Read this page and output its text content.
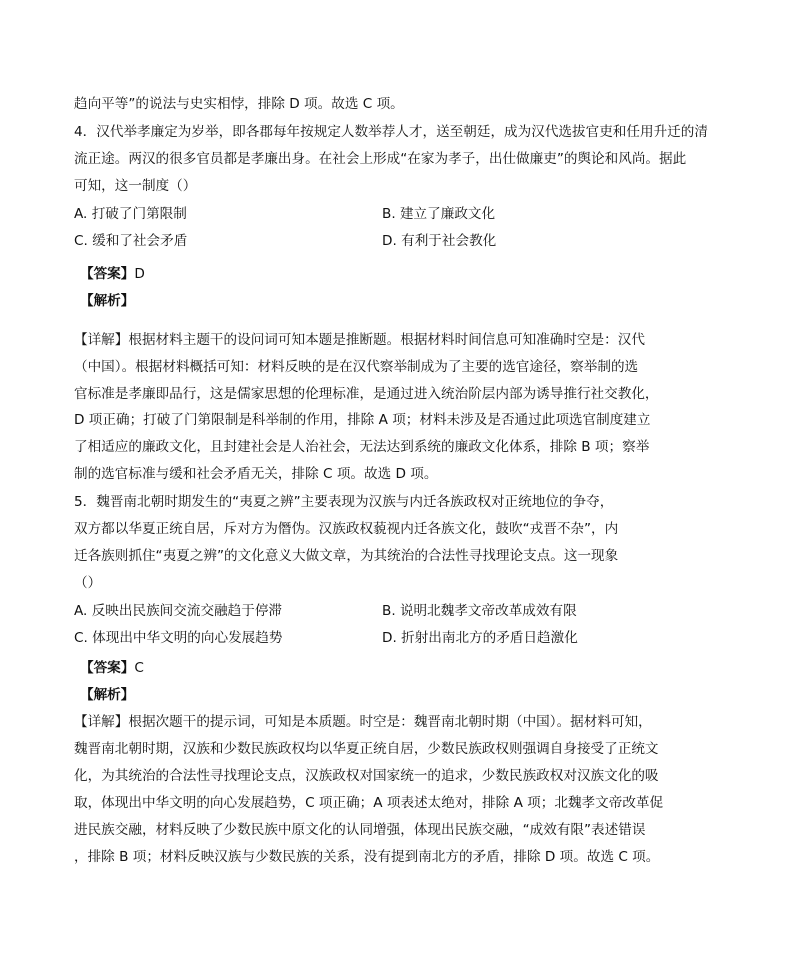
趋向平等”的说法与史实相悖，排除 D 项。故选 C 项。
4．汉代举孝廉定为岁举，即各郡每年按规定人数举荐人才，送至朝廷，成为汉代选拔官吏和任用升迁的清
流正途。两汉的很多官员都是孝廉出身。在社会上形成“在家为孝子，出仕做廉吏”的舆论和风尚。据此
可知，这一制度（）
A. 打破了门第限制	B. 建立了廉政文化
C. 缓和了社会矛盾	D. 有利于社会教化
【答案】D
【解析】
【详解】根据材料主题干的设问词可知本题是推断题。根据材料时间信息可知准确时空是：汉代
（中国）。根据材料概括可知：材料反映的是在汉代察举制成为了主要的选官途径，察举制的选
官标准是孝廉即品行，这是儒家思想的伦理标准，是通过进入统治阶层内部为诱导推行社交教化，
D 项正确；打破了门第限制是科举制的作用，排除 A 项；材料未涉及是否通过此项选官制度建立
了相适应的廉政文化，且封建社会是人治社会，无法达到系统的廉政文化体系，排除 B 项；察举
制的选官标准与缓和社会矛盾无关，排除 C 项。故选 D 项。
5．魏晋南北朝时期发生的“夷夏之辨”主要表现为汉族与内迁各族政权对正统地位的争夺，
双方都以华夏正统自居，斥对方为僭伪。汉族政权藐视内迁各族文化，鼓吹“戎晋不杂”，内
迁各族则抓住“夷夏之辨”的文化意义大做文章，为其统治的合法性寻找理论支点。这一现象
（）
A. 反映出民族间交流交融趋于停滞	B. 说明北魏孝文帝改革成效有限
C. 体现出中华文明的向心发展趋势	D. 折射出南北方的矛盾日趋激化
【答案】C
【解析】
【详解】根据次题干的提示词，可知是本质题。时空是：魏晋南北朝时期（中国）。据材料可知，
魏晋南北朝时期，汉族和少数民族政权均以华夏正统自居，少数民族政权则强调自身接受了正统文
化，为其统治的合法性寻找理论支点，汉族政权对国家统一的追求，少数民族政权对汉族文化的吸
取，体现出中华文明的向心发展趋势，C 项正确；A 项表述太绝对，排除 A 项；北魏孝文帝改革促
进民族交融，材料反映了少数民族中原文化的认同增强，体现出民族交融，“成效有限”表述错误
，排除 B 项；材料反映汉族与少数民族的关系，没有提到南北方的矛盾，排除 D 项。故选 C 项。
